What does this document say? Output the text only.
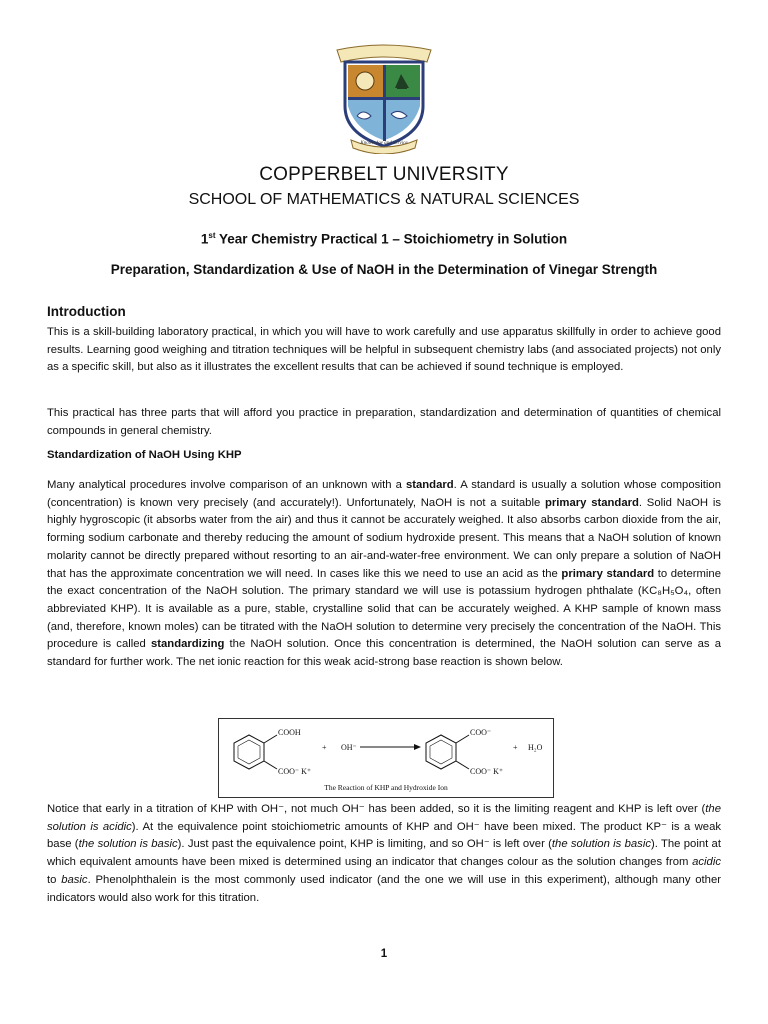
Knowledge and Service
COPPERBELT UNIVERSITY
SCHOOL OF MATHEMATICS & NATURAL SCIENCES
1st Year Chemistry Practical 1 – Stoichiometry in Solution
Preparation, Standardization & Use of NaOH in the Determination of Vinegar Strength
Introduction

This is a skill-building laboratory practical, in which you will have to work carefully and use apparatus skillfully in order to achieve good results. Learning good weighing and titration techniques will be helpful in subsequent chemistry labs (and associated projects) not only as a specific skill, but also as it illustrates the excellent results that can be achieved if sound technique is employed.

This practical has three parts that will afford you practice in preparation, standardization and determination of quantities of chemical compounds in general chemistry.

Standardization of NaOH Using KHP

Many analytical procedures involve comparison of an unknown with a standard. A standard is usually a solution whose composition (concentration) is known very precisely (and accurately!). Unfortunately, NaOH is not a suitable primary standard. Solid NaOH is highly hygroscopic (it absorbs water from the air) and thus it cannot be accurately weighed. It also absorbs carbon dioxide from the air, forming sodium carbonate and thereby reducing the amount of sodium hydroxide present. This means that a NaOH solution of known molarity cannot be directly prepared without resorting to an air-and-water-free environment. We can only prepare a solution of NaOH that has the approximate concentration we will need. In cases like this we need to use an acid as the primary standard to determine the exact concentration of the NaOH solution. The primary standard we will use is potassium hydrogen phthalate (KC₈H₅O₄, often abbreviated KHP). It is available as a pure, stable, crystalline solid that can be accurately weighed. A KHP sample of known mass (and, therefore, known moles) can be titrated with the NaOH solution to determine very precisely the concentration of the NaOH. This procedure is called standardizing the NaOH solution. Once this concentration is determined, the NaOH solution can serve as a standard for further work. The net ionic reaction for this weak acid-strong base reaction is shown below.

COOH
COO⁻ K⁺
+ OH⁻
COO⁻
COO⁻ K⁺
+ H₂O
The Reaction of KHP and Hydroxide Ion

Notice that early in a titration of KHP with OH⁻, not much OH⁻ has been added, so it is the limiting reagent and KHP is left over (the solution is acidic). At the equivalence point stoichiometric amounts of KHP and OH⁻ have been mixed. The product KP⁻ is a weak base (the solution is basic). Just past the equivalence point, KHP is limiting, and so OH⁻ is left over (the solution is basic). The point at which equivalent amounts have been mixed is determined using an indicator that changes colour as the solution changes from acidic to basic. Phenolphthalein is the most commonly used indicator (and the one we will use in this experiment), although many other indicators would also work for this titration.

1
